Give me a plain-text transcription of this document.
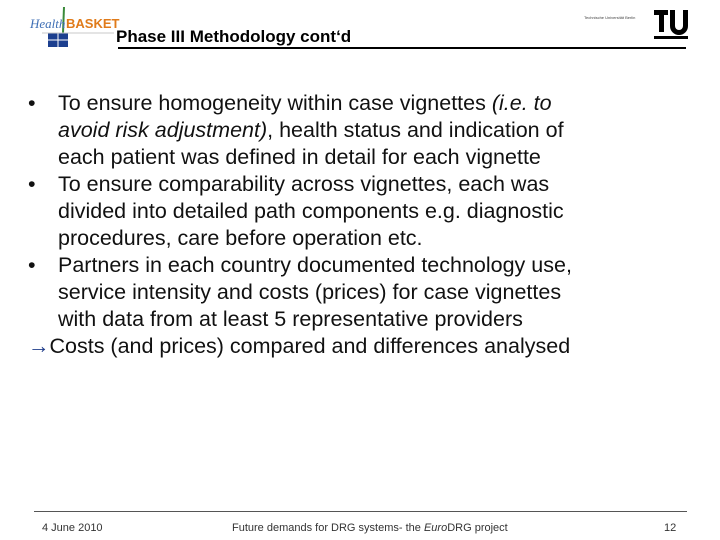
Health BASKET
Phase III Methodology cont‘d
Technische Universität Berlin
•	To ensure homogeneity within case vignettes (i.e. to
avoid risk adjustment), health status and indication of
each patient was defined in detail for each vignette
•	To ensure comparability across vignettes, each was
divided into detailed path components e.g. diagnostic
procedures, care before operation etc.
•	Partners in each country documented technology use,
service intensity and costs (prices) for case vignettes
with data from at least 5 representative providers

→Costs (and prices) compared and differences analysed

4 June 2010	Future demands for DRG systems- the EuroDRG project	12
